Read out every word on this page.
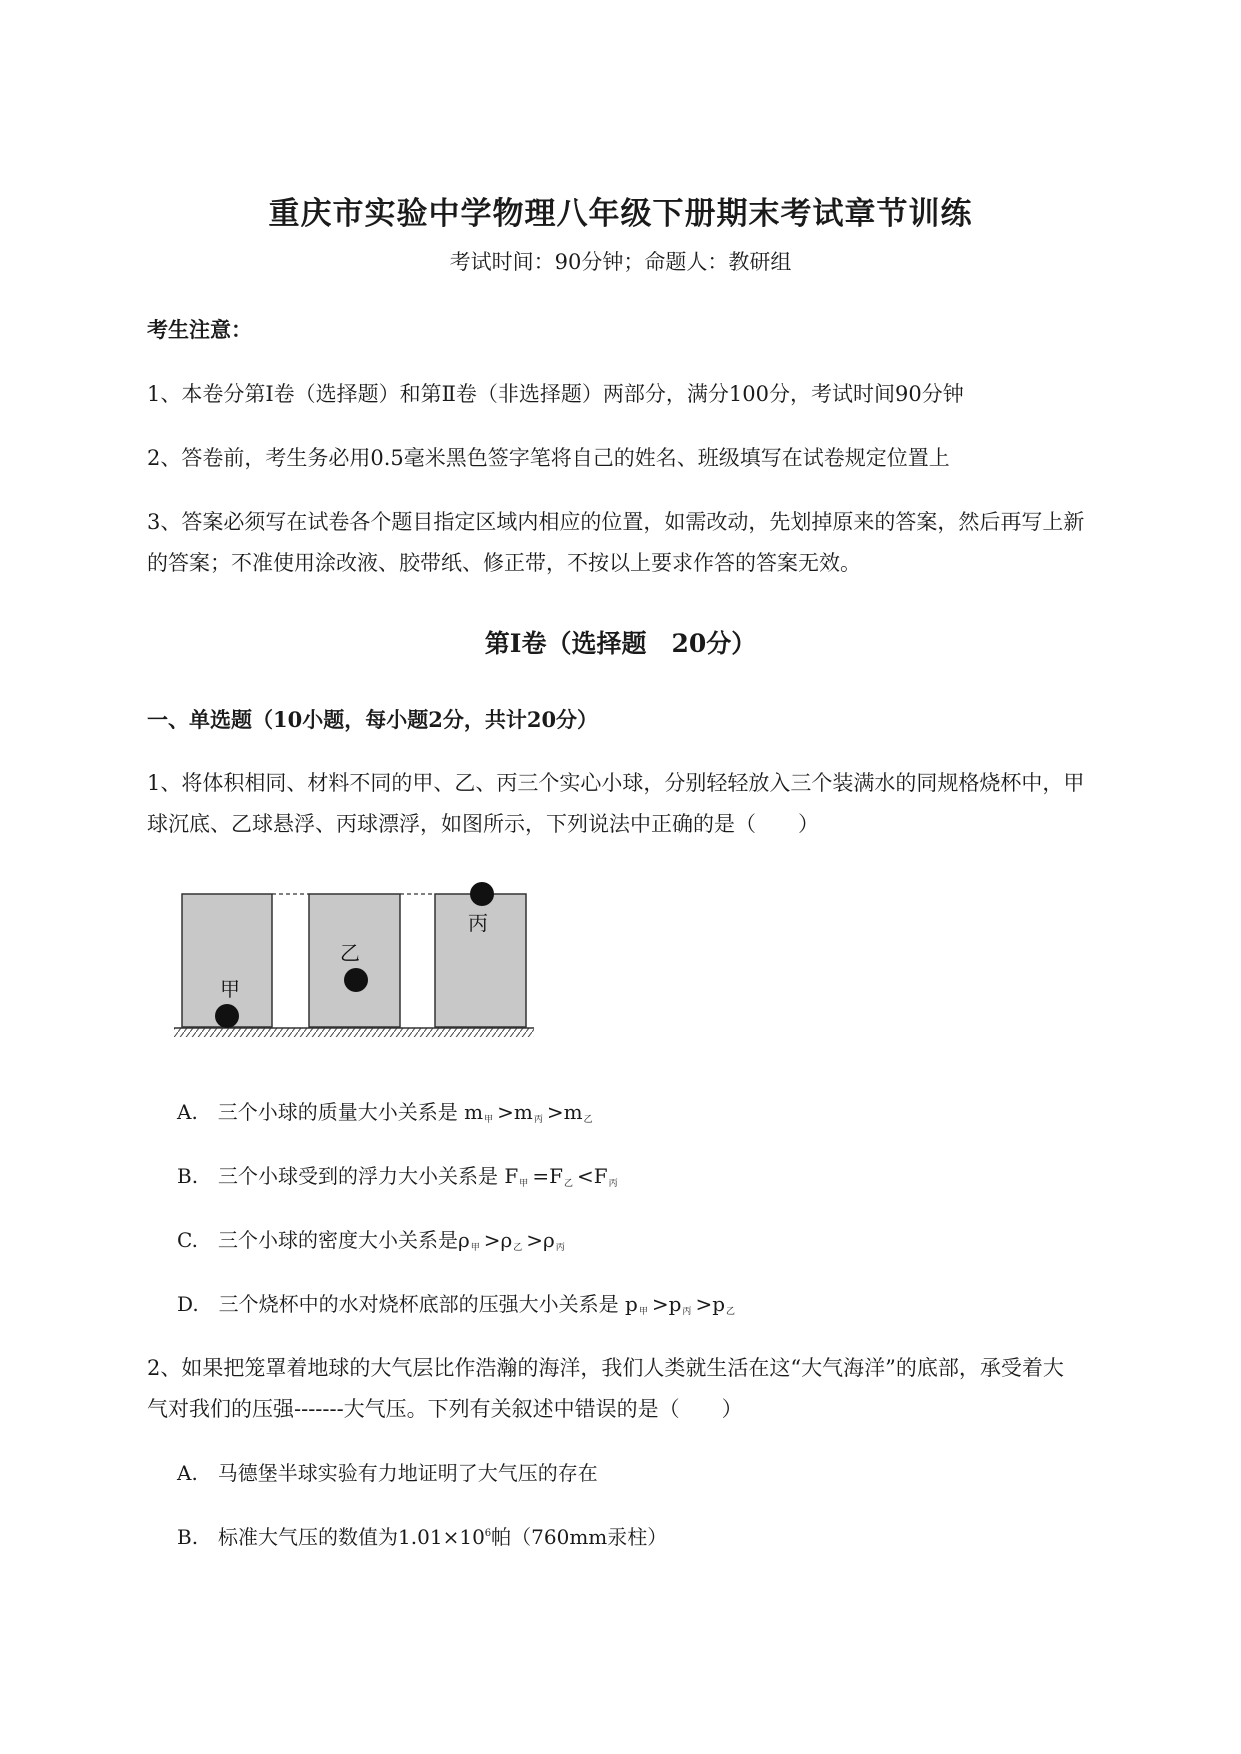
重庆市实验中学物理八年级下册期末考试章节训练
考试时间：90分钟；命题人：教研组
考生注意：
1、本卷分第I卷（选择题）和第Ⅱ卷（非选择题）两部分，满分100分，考试时间90分钟
2、答卷前，考生务必用0.5毫米黑色签字笔将自己的姓名、班级填写在试卷规定位置上
3、答案必须写在试卷各个题目指定区域内相应的位置，如需改动，先划掉原来的答案，然后再写上新
的答案；不准使用涂改液、胶带纸、修正带，不按以上要求作答的答案无效。
第I卷（选择题　20分）
一、单选题（10小题，每小题2分，共计20分）
1、将体积相同、材料不同的甲、乙、丙三个实心小球，分别轻轻放入三个装满水的同规格烧杯中，甲
球沉底、乙球悬浮、丙球漂浮，如图所示，下列说法中正确的是（　　）
甲
乙
丙
A.　三个小球的质量大小关系是 $m_甲 >m_丙 >m_乙$
B.　三个小球受到的浮力大小关系是 $F_甲 =F_乙 <F_丙$
C.　三个小球的密度大小关系是$\rho_甲 >\rho_乙 >\rho_丙$
D.　三个烧杯中的水对烧杯底部的压强大小关系是 $p_甲 >p_丙 >p_乙$
2、如果把笼罩着地球的大气层比作浩瀚的海洋，我们人类就生活在这“大气海洋”的底部，承受着大
气对我们的压强-------大气压。下列有关叙述中错误的是（　　）
A.　马德堡半球实验有力地证明了大气压的存在
B.　标准大气压的数值为$1.01\times 10^6$帕（760mm汞柱）
